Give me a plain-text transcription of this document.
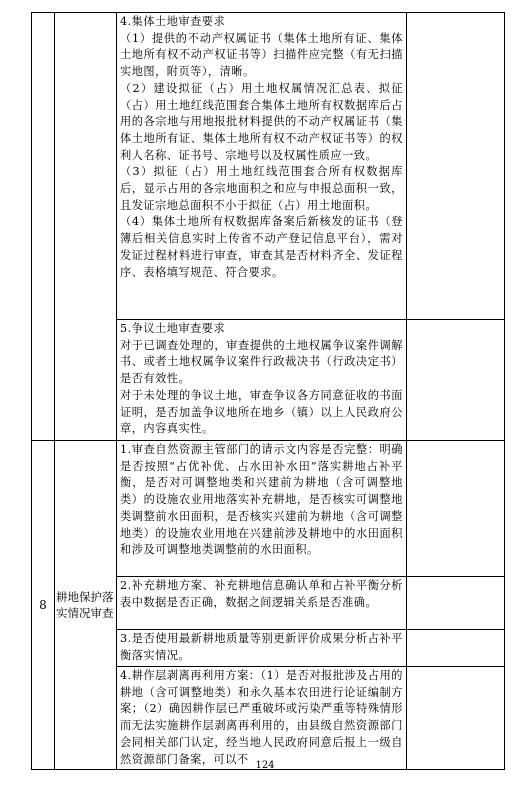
		4.集体土地审查要求

（1）提供的不动产权属证书（集体土地所有证、集体土地所有权不动产权证书等）扫描件应完整（有无扫描实地图，附页等），清晰。

（2）建设拟征（占）用土地权属情况汇总表、拟征（占）用土地红线范围套合集体土地所有权数据库后占用的各宗地与用地报批材料提供的不动产权属证书（集体土地所有证、集体土地所有权不动产权证书等）的权利人名称、证书号、宗地号以及权属性质应一致。

（3）拟征（占）用土地红线范围套合所有权数据库后，显示占用的各宗地面积之和应与申报总面积一致，且发证宗地总面积不小于拟征（占）用土地面积。

（4）集体土地所有权数据库备案后新核发的证书（登簿后相关信息实时上传省不动产登记信息平台），需对发证过程材料进行审查，审查其是否材料齐全、发证程序、表格填写规范、符合要求。	

		5.争议土地审查要求

对于已调查处理的，审查提供的土地权属争议案件调解书、或者土地权属争议案件行政裁决书（行政决定书）是否有效性。

对于未处理的争议土地，审查争议各方同意征收的书面证明，是否加盖争议地所在地乡（镇）以上人民政府公章，内容真实性。	

8	耕地保护落实情况审查	1.审查自然资源主管部门的请示文内容是否完整：明确是否按照“占优补优、占水田补水田”落实耕地占补平衡，是否对可调整地类和兴建前为耕地（含可调整地类）的设施农业用地落实补充耕地，是否核实可调整地类调整前水田面积，是否核实兴建前为耕地（含可调整地类）的设施农业用地在兴建前涉及耕地中的水田面积和涉及可调整地类调整前的水田面积。	

		2.补充耕地方案、补充耕地信息确认单和占补平衡分析表中数据是否正确，数据之间逻辑关系是否准确。	

		3.是否使用最新耕地质量等别更新评价成果分析占补平衡落实情况。	

		4.耕作层剥离再利用方案：（1）是否对报批涉及占用的耕地（含可调整地类）和永久基本农田进行论证编制方案；（2）确因耕作层已严重破坏或污染严重等特殊情形而无法实施耕作层剥离再利用的，由县级自然资源部门会同相关部门认定，经当地人民政府同意后报上一级自然资源部门备案，可以不	

	124
